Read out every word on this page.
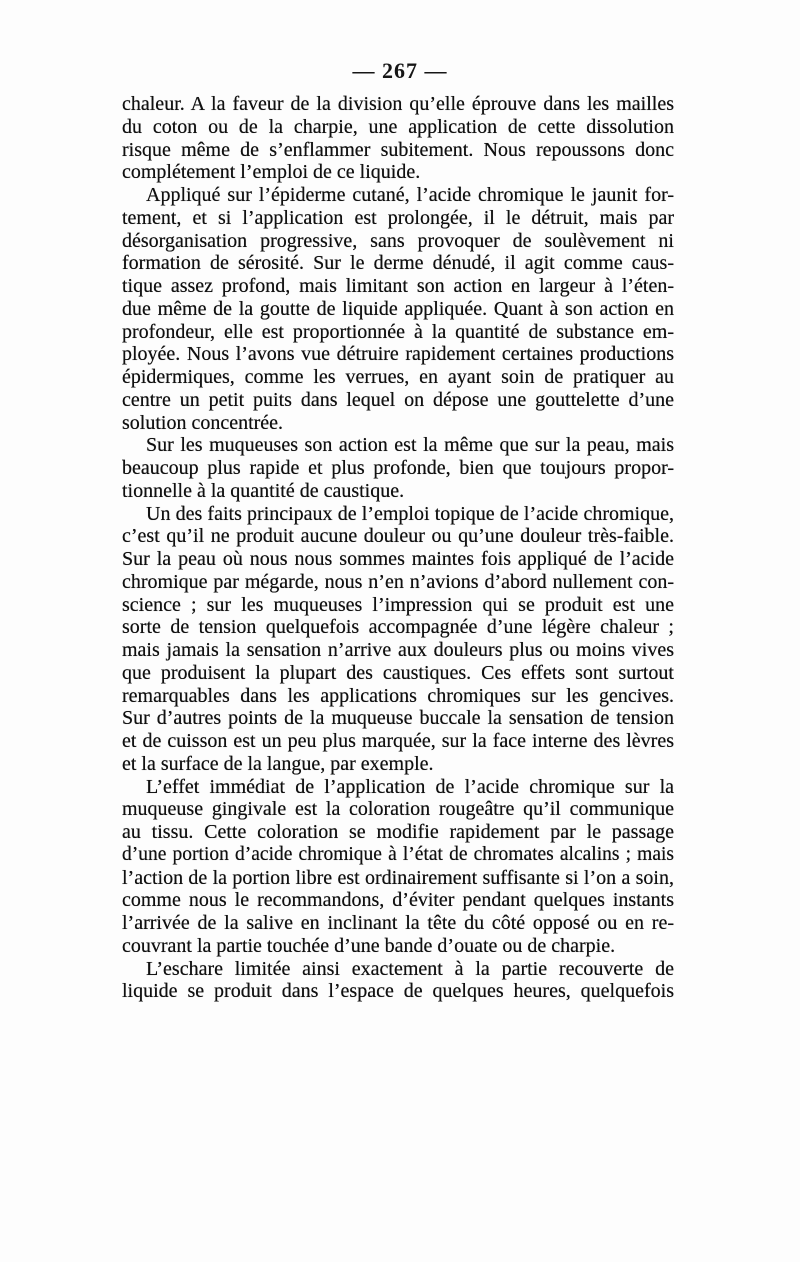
— 267 —
chaleur. A la faveur de la division qu’elle éprouve dans les mailles
du coton ou de la charpie, une application de cette dissolution
risque même de s’enflammer subitement. Nous repoussons donc
complétement l’emploi de ce liquide.
Appliqué sur l’épiderme cutané, l’acide chromique le jaunit for-
tement, et si l’application est prolongée, il le détruit, mais par
désorganisation progressive, sans provoquer de soulèvement ni
formation de sérosité. Sur le derme dénudé, il agit comme caus-
tique assez profond, mais limitant son action en largeur à l’éten-
due même de la goutte de liquide appliquée. Quant à son action en
profondeur, elle est proportionnée à la quantité de substance em-
ployée. Nous l’avons vue détruire rapidement certaines productions
épidermiques, comme les verrues, en ayant soin de pratiquer au
centre un petit puits dans lequel on dépose une gouttelette d’une
solution concentrée.
Sur les muqueuses son action est la même que sur la peau, mais
beaucoup plus rapide et plus profonde, bien que toujours propor-
tionnelle à la quantité de caustique.
Un des faits principaux de l’emploi topique de l’acide chromique,
c’est qu’il ne produit aucune douleur ou qu’une douleur très-faible.
Sur la peau où nous nous sommes maintes fois appliqué de l’acide
chromique par mégarde, nous n’en n’avions d’abord nullement con-
science ; sur les muqueuses l’impression qui se produit est une
sorte de tension quelquefois accompagnée d’une légère chaleur ;
mais jamais la sensation n’arrive aux douleurs plus ou moins vives
que produisent la plupart des caustiques. Ces effets sont surtout
remarquables dans les applications chromiques sur les gencives.
Sur d’autres points de la muqueuse buccale la sensation de tension
et de cuisson est un peu plus marquée, sur la face interne des lèvres
et la surface de la langue, par exemple.
L’effet immédiat de l’application de l’acide chromique sur la
muqueuse gingivale est la coloration rougeâtre qu’il communique
au tissu. Cette coloration se modifie rapidement par le passage
d’une portion d’acide chromique à l’état de chromates alcalins ; mais
l’action de la portion libre est ordinairement suffisante si l’on a soin,
comme nous le recommandons, d’éviter pendant quelques instants
l’arrivée de la salive en inclinant la tête du côté opposé ou en re-
couvrant la partie touchée d’une bande d’ouate ou de charpie.
L’eschare limitée ainsi exactement à la partie recouverte de
liquide se produit dans l’espace de quelques heures, quelquefois
